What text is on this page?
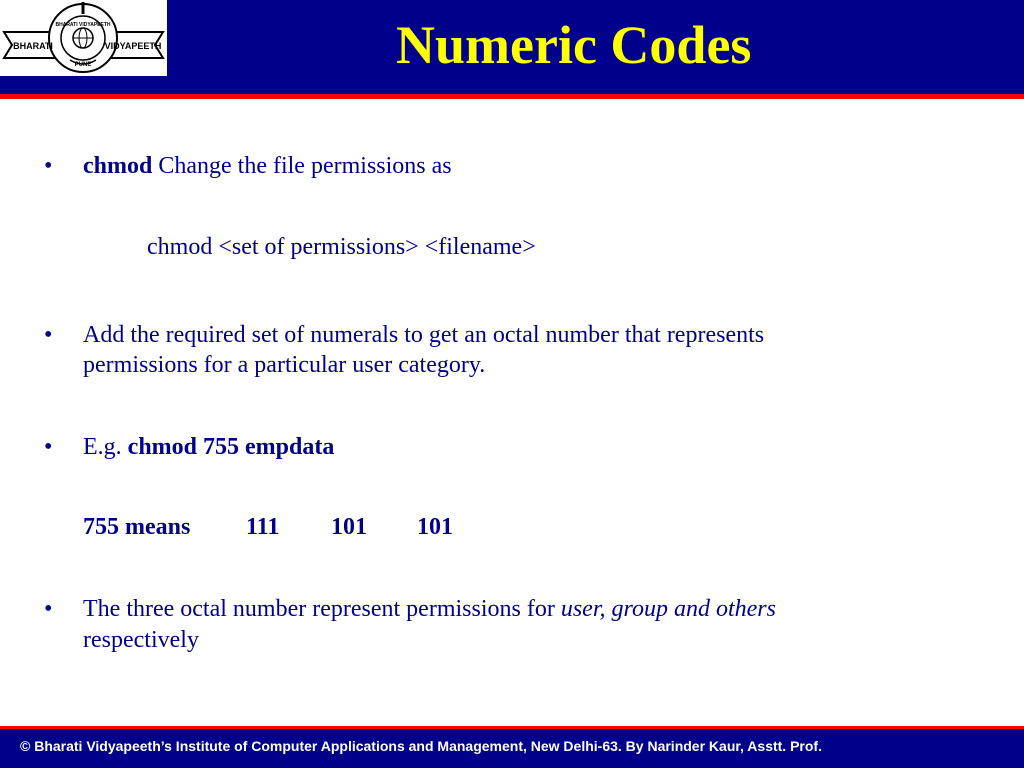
PUNE
BHARATI	VIDYAPEETH
BHARATI VIDYAPEETH	Numeric Codes
• chmod Change the file permissions as
chmod <set of permissions> <filename>
• Add the required set of numerals to get an octal number that represents
permissions for a particular user category.
• E.g. chmod 755 empdata
755 means 111 101 101
• The three octal number represent permissions for user, group and others
respectively
© Bharati Vidyapeeth’s Institute of Computer Applications and Management, New Delhi-63. By Narinder Kaur, Asstt. Prof.
